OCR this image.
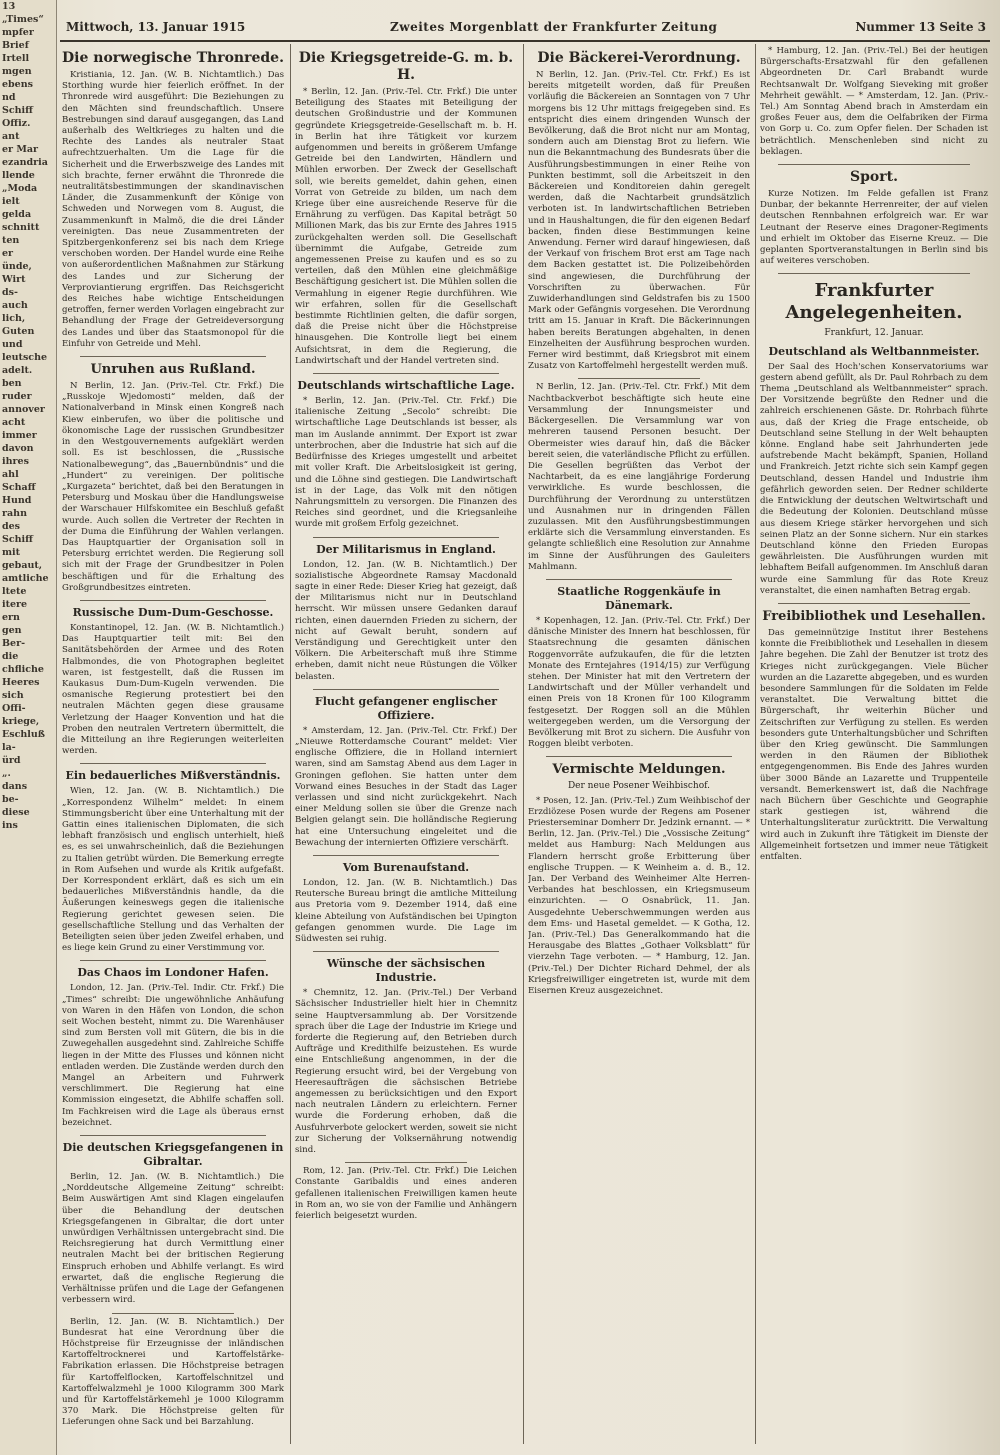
13
„Times“
mpfer
Brief
Irtell
mgen
ebens
nd
Schiff
Offiz.
ant
er Mar
ezandria
llende
„Moda
ielt
gelda
schnitt
ten
er
ünde,
Wirt
ds-
auch
lich,
Guten
und
leutsche
adelt.
ben
ruder
annover
acht
immer
davon
ihres
ahl
Schaff
Hund
rahn
des
Schiff
mit
gebaut,
amtliche
ltete
itere
ern
gen
Ber-
die
chfliche
Heeres
sich
Offi-
kriege,
Eschluß
la-
ürd
„.
dans
be-
diese
ins
Mittwoch, 13. Januar 1915	Zweites Morgenblatt der Frankfurter Zeitung	Nummer 13 Seite 3
Die norwegische Thronrede.

Kristiania, 12. Jan. (W. B. Nichtamtlich.) Das Storthing wurde hier feierlich eröffnet. In der Thronrede wird ausgeführt: Die Beziehungen zu den Mächten sind freundschaftlich. Unsere Bestrebungen sind darauf ausgegangen, das Land außerhalb des Weltkrieges zu halten und die Rechte des Landes als neutraler Staat aufrechtzuerhalten. Um die Lage für die Sicherheit und die Erwerbszweige des Landes mit sich brachte, ferner erwähnt die Thronrede die neutralitätsbestimmungen der skandinavischen Länder, die Zusammenkunft der Könige von Schweden und Norwegen vom 8. August, die Zusammenkunft in Malmö, die die drei Länder vereinigten. Das neue Zusammentreten der Spitzbergenkonferenz sei bis nach dem Kriege verschoben worden. Der Handel wurde eine Reihe von außerordentlichen Maßnahmen zur Stärkung des Landes und zur Sicherung der Verproviantierung ergriffen. Das Reichsgericht des Reiches habe wichtige Entscheidungen getroffen, ferner werden Vorlagen eingebracht zur Behandlung der Frage der Getreideversorgung des Landes und über das Staatsmonopol für die Einfuhr von Getreide und Mehl.

Unruhen aus Rußland.

N Berlin, 12. Jan. (Priv.-Tel. Ctr. Frkf.) Die „Russkoje Wjedomosti“ melden, daß der Nationalverband in Minsk einen Kongreß nach Kiew einberufen, wo über die politische und ökonomische Lage der russischen Grundbesitzer in den Westgouvernements aufgeklärt werden soll. Es ist beschlossen, die „Russische Nationalbewegung“, das „Bauernbündnis“ und die „Hundert“ zu vereinigen. Der politische „Kurgazeta“ berichtet, daß bei den Beratungen in Petersburg und Moskau über die Handlungsweise der Warschauer Hilfskomitee ein Beschluß gefaßt wurde. Auch sollen die Vertreter der Rechten in der Duma die Einführung der Wahlen verlangen. Das Hauptquartier der Organisation soll in Petersburg errichtet werden. Die Regierung soll sich mit der Frage der Grundbesitzer in Polen beschäftigen und für die Erhaltung des Großgrundbesitzes eintreten.

Russische Dum-Dum-Geschosse.

Konstantinopel, 12. Jan. (W. B. Nichtamtlich.) Das Hauptquartier teilt mit: Bei den Sanitätsbehörden der Armee und des Roten Halbmondes, die von Photographen begleitet waren, ist festgestellt, daß die Russen im Kaukasus Dum-Dum-Kugeln verwenden. Die osmanische Regierung protestiert bei den neutralen Mächten gegen diese grausame Verletzung der Haager Konvention und hat die Proben den neutralen Vertretern übermittelt, die die Mitteilung an ihre Regierungen weiterleiten werden.

Ein bedauerliches Mißverständnis.

Wien, 12. Jan. (W. B. Nichtamtlich.) Die „Korrespondenz Wilhelm“ meldet: In einem Stimmungsbericht über eine Unterhaltung mit der Gattin eines italienischen Diplomaten, die sich lebhaft französisch und englisch unterhielt, hieß es, es sei unwahrscheinlich, daß die Beziehungen zu Italien getrübt würden. Die Bemerkung erregte in Rom Aufsehen und wurde als Kritik aufgefaßt. Der Korrespondent erklärt, daß es sich um ein bedauerliches Mißverständnis handle, da die Äußerungen keineswegs gegen die italienische Regierung gerichtet gewesen seien. Die gesellschaftliche Stellung und das Verhalten der Beteiligten seien über jeden Zweifel erhaben, und es liege kein Grund zu einer Verstimmung vor.

Das Chaos im Londoner Hafen.

London, 12. Jan. (Priv.-Tel. Indir. Ctr. Frkf.) Die „Times“ schreibt: Die ungewöhnliche Anhäufung von Waren in den Häfen von London, die schon seit Wochen besteht, nimmt zu. Die Warenhäuser sind zum Bersten voll mit Gütern, die bis in die Zuwegehallen ausgedehnt sind. Zahlreiche Schiffe liegen in der Mitte des Flusses und können nicht entladen werden. Die Zustände werden durch den Mangel an Arbeitern und Fuhrwerk verschlimmert. Die Regierung hat eine Kommission eingesetzt, die Abhilfe schaffen soll. Im Fachkreisen wird die Lage als überaus ernst bezeichnet.

Die deutschen Kriegsgefangenen in Gibraltar.

Berlin, 12. Jan. (W. B. Nichtamtlich.) Die „Norddeutsche Allgemeine Zeitung“ schreibt: Beim Auswärtigen Amt sind Klagen eingelaufen über die Behandlung der deutschen Kriegsgefangenen in Gibraltar, die dort unter unwürdigen Verhältnissen untergebracht sind. Die Reichsregierung hat durch Vermittlung einer neutralen Macht bei der britischen Regierung Einspruch erhoben und Abhilfe verlangt. Es wird erwartet, daß die englische Regierung die Verhältnisse prüfen und die Lage der Gefangenen verbessern wird.

Berlin, 12. Jan. (W. B. Nichtamtlich.) Der Bundesrat hat eine Verordnung über die Höchstpreise für Erzeugnisse der inländischen Kartoffeltrocknerei und Kartoffelstärke-Fabrikation erlassen. Die Höchstpreise betragen für Kartoffelflocken, Kartoffelschnitzel und Kartoffelwalzmehl je 1000 Kilogramm 300 Mark und für Kartoffelstärkemehl je 1000 Kilogramm 370 Mark. Die Höchstpreise gelten für Lieferungen ohne Sack und bei Barzahlung.

Die Kriegsgetreide-G. m. b. H.

* Berlin, 12. Jan. (Priv.-Tel. Ctr. Frkf.) Die unter Beteiligung des Staates mit Beteiligung der deutschen Großindustrie und der Kommunen gegründete Kriegsgetreide-Gesellschaft m. b. H. in Berlin hat ihre Tätigkeit vor kurzem aufgenommen und bereits in größerem Umfange Getreide bei den Landwirten, Händlern und Mühlen erworben. Der Zweck der Gesellschaft soll, wie bereits gemeldet, dahin gehen, einen Vorrat von Getreide zu bilden, um nach dem Kriege über eine ausreichende Reserve für die Ernährung zu verfügen. Das Kapital beträgt 50 Millionen Mark, das bis zur Ernte des Jahres 1915 zurückgehalten werden soll. Die Gesellschaft übernimmt die Aufgabe, Getreide zum angemessenen Preise zu kaufen und es so zu verteilen, daß den Mühlen eine gleichmäßige Beschäftigung gesichert ist. Die Mühlen sollen die Vermahlung in eigener Regie durchführen. Wie wir erfahren, sollen für die Gesellschaft bestimmte Richtlinien gelten, die dafür sorgen, daß die Preise nicht über die Höchstpreise hinausgehen. Die Kontrolle liegt bei einem Aufsichtsrat, in dem die Regierung, die Landwirtschaft und der Handel vertreten sind.

Deutschlands wirtschaftliche Lage.

* Berlin, 12. Jan. (Priv.-Tel. Ctr. Frkf.) Die italienische Zeitung „Secolo“ schreibt: Die wirtschaftliche Lage Deutschlands ist besser, als man im Auslande annimmt. Der Export ist zwar unterbrochen, aber die Industrie hat sich auf die Bedürfnisse des Krieges umgestellt und arbeitet mit voller Kraft. Die Arbeitslosigkeit ist gering, und die Löhne sind gestiegen. Die Landwirtschaft ist in der Lage, das Volk mit den nötigen Nahrungsmitteln zu versorgen. Die Finanzen des Reiches sind geordnet, und die Kriegsanleihe wurde mit großem Erfolg gezeichnet.

Der Militarismus in England.

London, 12. Jan. (W. B. Nichtamtlich.) Der sozialistische Abgeordnete Ramsay Macdonald sagte in einer Rede: Dieser Krieg hat gezeigt, daß der Militarismus nicht nur in Deutschland herrscht. Wir müssen unsere Gedanken darauf richten, einen dauernden Frieden zu sichern, der nicht auf Gewalt beruht, sondern auf Verständigung und Gerechtigkeit unter den Völkern. Die Arbeiterschaft muß ihre Stimme erheben, damit nicht neue Rüstungen die Völker belasten.

Flucht gefangener englischer Offiziere.

* Amsterdam, 12. Jan. (Priv.-Tel. Ctr. Frkf.) Der „Nieuwe Rotterdamsche Courant“ meldet: Vier englische Offiziere, die in Holland interniert waren, sind am Samstag Abend aus dem Lager in Groningen geflohen. Sie hatten unter dem Vorwand eines Besuches in der Stadt das Lager verlassen und sind nicht zurückgekehrt. Nach einer Meldung sollen sie über die Grenze nach Belgien gelangt sein. Die holländische Regierung hat eine Untersuchung eingeleitet und die Bewachung der internierten Offiziere verschärft.

Vom Burenaufstand.

London, 12. Jan. (W. B. Nichtamtlich.) Das Reutersche Bureau bringt die amtliche Mitteilung aus Pretoria vom 9. Dezember 1914, daß eine kleine Abteilung von Aufständischen bei Upington gefangen genommen wurde. Die Lage im Südwesten sei ruhig.

Wünsche der sächsischen Industrie.

* Chemnitz, 12. Jan. (Priv.-Tel.) Der Verband Sächsischer Industrieller hielt hier in Chemnitz seine Hauptversammlung ab. Der Vorsitzende sprach über die Lage der Industrie im Kriege und forderte die Regierung auf, den Betrieben durch Aufträge und Kredithilfe beizustehen. Es wurde eine Entschließung angenommen, in der die Regierung ersucht wird, bei der Vergebung von Heeresaufträgen die sächsischen Betriebe angemessen zu berücksichtigen und den Export nach neutralen Ländern zu erleichtern. Ferner wurde die Forderung erhoben, daß die Ausfuhrverbote gelockert werden, soweit sie nicht zur Sicherung der Volksernährung notwendig sind.

Rom, 12. Jan. (Priv.-Tel. Ctr. Frkf.) Die Leichen Constante Garibaldis und eines anderen gefallenen italienischen Freiwilligen kamen heute in Rom an, wo sie von der Familie und Anhängern feierlich beigesetzt wurden.

Die Bäckerei-Verordnung.

N Berlin, 12. Jan. (Priv.-Tel. Ctr. Frkf.) Es ist bereits mitgeteilt worden, daß für Preußen vorläufig die Bäckereien an Sonntagen von 7 Uhr morgens bis 12 Uhr mittags freigegeben sind. Es entspricht dies einem dringenden Wunsch der Bevölkerung, daß die Brot nicht nur am Montag, sondern auch am Dienstag Brot zu liefern. Wie nun die Bekanntmachung des Bundesrats über die Ausführungsbestimmungen in einer Reihe von Punkten bestimmt, soll die Arbeitszeit in den Bäckereien und Konditoreien dahin geregelt werden, daß die Nachtarbeit grundsätzlich verboten ist. In landwirtschaftlichen Betrieben und in Haushaltungen, die für den eigenen Bedarf backen, finden diese Bestimmungen keine Anwendung. Ferner wird darauf hingewiesen, daß der Verkauf von frischem Brot erst am Tage nach dem Backen gestattet ist. Die Polizeibehörden sind angewiesen, die Durchführung der Vorschriften zu überwachen. Für Zuwiderhandlungen sind Geldstrafen bis zu 1500 Mark oder Gefängnis vorgesehen. Die Verordnung tritt am 15. Januar in Kraft. Die Bäckerinnungen haben bereits Beratungen abgehalten, in denen Einzelheiten der Ausführung besprochen wurden. Ferner wird bestimmt, daß Kriegsbrot mit einem Zusatz von Kartoffelmehl hergestellt werden muß.

N Berlin, 12. Jan. (Priv.-Tel. Ctr. Frkf.) Mit dem Nachtbackverbot beschäftigte sich heute eine Versammlung der Innungsmeister und Bäckergesellen. Die Versammlung war von mehreren tausend Personen besucht. Der Obermeister wies darauf hin, daß die Bäcker bereit seien, die vaterländische Pflicht zu erfüllen. Die Gesellen begrüßten das Verbot der Nachtarbeit, da es eine langjährige Forderung verwirkliche. Es wurde beschlossen, die Durchführung der Verordnung zu unterstützen und Ausnahmen nur in dringenden Fällen zuzulassen. Mit den Ausführungsbestimmungen erklärte sich die Versammlung einverstanden. Es gelangte schließlich eine Resolution zur Annahme im Sinne der Ausführungen des Gauleiters Mahlmann.

Staatliche Roggenkäufe in Dänemark.

* Kopenhagen, 12. Jan. (Priv.-Tel. Ctr. Frkf.) Der dänische Minister des Innern hat beschlossen, für Staatsrechnung die gesamten dänischen Roggenvorräte aufzukaufen, die für die letzten Monate des Erntejahres (1914/15) zur Verfügung stehen. Der Minister hat mit den Vertretern der Landwirtschaft und der Müller verhandelt und einen Preis von 18 Kronen für 100 Kilogramm festgesetzt. Der Roggen soll an die Mühlen weitergegeben werden, um die Versorgung der Bevölkerung mit Brot zu sichern. Die Ausfuhr von Roggen bleibt verboten.

Vermischte Meldungen.
Der neue Posener Weihbischof.

* Posen, 12. Jan. (Priv.-Tel.) Zum Weihbischof der Erzdiözese Posen wurde der Regens am Posener Priesterseminar Domherr Dr. Jedzink ernannt. — * Berlin, 12. Jan. (Priv.-Tel.) Die „Vossische Zeitung“ meldet aus Hamburg: Nach Meldungen aus Flandern herrscht große Erbitterung über englische Truppen. — K Weinheim a. d. B., 12. Jan. Der Verband des Weinheimer Alte Herren-Verbandes hat beschlossen, ein Kriegsmuseum einzurichten. — O Osnabrück, 11. Jan. Ausgedehnte Ueberschwemmungen werden aus dem Ems- und Hasetal gemeldet. — K Gotha, 12. Jan. (Priv.-Tel.) Das Generalkommando hat die Herausgabe des Blattes „Gothaer Volksblatt“ für vierzehn Tage verboten. — * Hamburg, 12. Jan. (Priv.-Tel.) Der Dichter Richard Dehmel, der als Kriegsfreiwilliger eingetreten ist, wurde mit dem Eisernen Kreuz ausgezeichnet.

* Hamburg, 12. Jan. (Priv.-Tel.) Bei der heutigen Bürgerschafts-Ersatzwahl für den gefallenen Abgeordneten Dr. Carl Brabandt wurde Rechtsanwalt Dr. Wolfgang Sieveking mit großer Mehrheit gewählt. — * Amsterdam, 12. Jan. (Priv.-Tel.) Am Sonntag Abend brach in Amsterdam ein großes Feuer aus, dem die Oelfabriken der Firma von Gorp u. Co. zum Opfer fielen. Der Schaden ist beträchtlich. Menschenleben sind nicht zu beklagen.

Sport.

Kurze Notizen. Im Felde gefallen ist Franz Dunbar, der bekannte Herrenreiter, der auf vielen deutschen Rennbahnen erfolgreich war. Er war Leutnant der Reserve eines Dragoner-Regiments und erhielt im Oktober das Eiserne Kreuz. — Die geplanten Sportveranstaltungen in Berlin sind bis auf weiteres verschoben.

Frankfurter Angelegenheiten.
Frankfurt, 12. Januar.
Deutschland als Weltbannmeister.

Der Saal des Hoch'schen Konservatoriums war gestern abend gefüllt, als Dr. Paul Rohrbach zu dem Thema „Deutschland als Weltbannmeister“ sprach. Der Vorsitzende begrüßte den Redner und die zahlreich erschienenen Gäste. Dr. Rohrbach führte aus, daß der Krieg die Frage entscheide, ob Deutschland seine Stellung in der Welt behaupten könne. England habe seit Jahrhunderten jede aufstrebende Macht bekämpft, Spanien, Holland und Frankreich. Jetzt richte sich sein Kampf gegen Deutschland, dessen Handel und Industrie ihm gefährlich geworden seien. Der Redner schilderte die Entwicklung der deutschen Weltwirtschaft und die Bedeutung der Kolonien. Deutschland müsse aus diesem Kriege stärker hervorgehen und sich seinen Platz an der Sonne sichern. Nur ein starkes Deutschland könne den Frieden Europas gewährleisten. Die Ausführungen wurden mit lebhaftem Beifall aufgenommen. Im Anschluß daran wurde eine Sammlung für das Rote Kreuz veranstaltet, die einen namhaften Betrag ergab.

Freibibliothek und Lesehallen.

Das gemeinnützige Institut ihrer Bestehens konnte die Freibibliothek und Lesehallen in diesem Jahre begehen. Die Zahl der Benutzer ist trotz des Krieges nicht zurückgegangen. Viele Bücher wurden an die Lazarette abgegeben, und es wurden besondere Sammlungen für die Soldaten im Felde veranstaltet. Die Verwaltung bittet die Bürgerschaft, ihr weiterhin Bücher und Zeitschriften zur Verfügung zu stellen. Es werden besonders gute Unterhaltungsbücher und Schriften über den Krieg gewünscht. Die Sammlungen werden in den Räumen der Bibliothek entgegengenommen. Bis Ende des Jahres wurden über 3000 Bände an Lazarette und Truppenteile versandt. Bemerkenswert ist, daß die Nachfrage nach Büchern über Geschichte und Geographie stark gestiegen ist, während die Unterhaltungsliteratur zurücktritt. Die Verwaltung wird auch in Zukunft ihre Tätigkeit im Dienste der Allgemeinheit fortsetzen und immer neue Tätigkeit entfalten.
